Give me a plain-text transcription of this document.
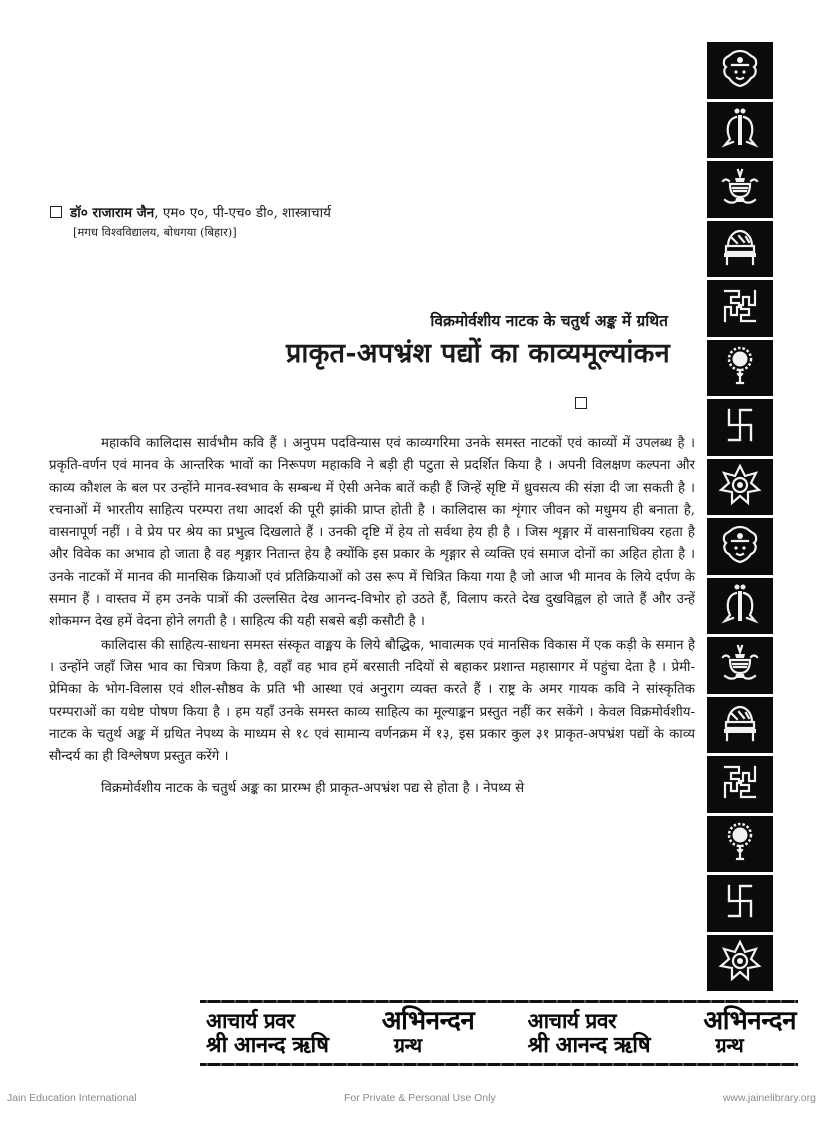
डॉ० राजाराम जैन, एम० ए०, पी-एच० डी०, शास्त्राचार्य
[मगध विश्वविद्यालय, बोधगया (बिहार)]
विक्रमोर्वशीय नाटक के चतुर्थ अङ्क में ग्रथित
प्राकृत-अपभ्रंश पद्यों का काव्यमूल्यांकन

महाकवि कालिदास सार्वभौम कवि हैं । अनुपम पदविन्यास एवं काव्यगरिमा उनके समस्त नाटकों एवं काव्यों में उपलब्ध है । प्रकृति-वर्णन एवं मानव के आन्तरिक भावों का निरूपण महाकवि ने बड़ी ही पटुता से प्रदर्शित किया है । अपनी विलक्षण कल्पना और काव्य कौशल के बल पर उन्होंने मानव-स्वभाव के सम्बन्ध में ऐसी अनेक बातें कही हैं जिन्हें सृष्टि में ध्रुवसत्य की संज्ञा दी जा सकती है । रचनाओं में भारतीय साहित्य परम्परा तथा आदर्श की पूरी झांकी प्राप्त होती है । कालिदास का शृंगार जीवन को मधुमय ही बनाता है, वासनापूर्ण नहीं । वे प्रेय पर श्रेय का प्रभुत्व दिखलाते हैं । उनकी दृष्टि में हेय तो सर्वथा हेय ही है । जिस शृङ्गार में वासनाधिक्य रहता है और विवेक का अभाव हो जाता है वह शृङ्गार नितान्त हेय है क्योंकि इस प्रकार के शृङ्गार से व्यक्ति एवं समाज दोनों का अहित होता है । उनके नाटकों में मानव की मानसिक क्रियाओं एवं प्रतिक्रियाओं को उस रूप में चित्रित किया गया है जो आज भी मानव के लिये दर्पण के समान हैं । वास्तव में हम उनके पात्रों की उल्लसित देख आनन्द-विभोर हो उठते हैं, विलाप करते देख दुखविह्वल हो जाते हैं और उन्हें शोकमग्न देख हमें वेदना होने लगती है । साहित्य की यही सबसे बड़ी कसौटी है ।

कालिदास की साहित्य-साधना समस्त संस्कृत वाङ्मय के लिये बौद्धिक, भावात्मक एवं मानसिक विकास में एक कड़ी के समान है । उन्होंने जहाँ जिस भाव का चित्रण किया है, वहाँ वह भाव हमें बरसाती नदियों से बहाकर प्रशान्त महासागर में पहुंचा देता है । प्रेमी-प्रेमिका के भोग-विलास एवं शील-सौष्ठव के प्रति भी आस्था एवं अनुराग व्यक्त करते हैं । राष्ट्र के अमर गायक कवि ने सांस्कृतिक परम्पराओं का यथेष्ट पोषण किया है । हम यहाँ उनके समस्त काव्य साहित्य का मूल्याङ्कन प्रस्तुत नहीं कर सकेंगे । केवल विक्रमोर्वशीय-नाटक के चतुर्थ अङ्क में ग्रथित नेपथ्य के माध्यम से १८ एवं सामान्य वर्णनक्रम में १३, इस प्रकार कुल ३१ प्राकृत-अपभ्रंश पद्यों के काव्य सौन्दर्य का ही विश्लेषण प्रस्तुत करेंगे ।

विक्रमोर्वशीय नाटक के चतुर्थ अङ्क का प्रारम्भ ही प्राकृत-अपभ्रंश पद्य से होता है । नेपथ्य से

आचार्य प्रवर
श्री आनन्द ऋषि
अभिनन्दन
ग्रन्थ
आचार्य प्रवर
श्री आनन्द ऋषि
अभिनन्दन
ग्रन्थ
Jain Education International	For Private & Personal Use Only	www.jainelibrary.org
